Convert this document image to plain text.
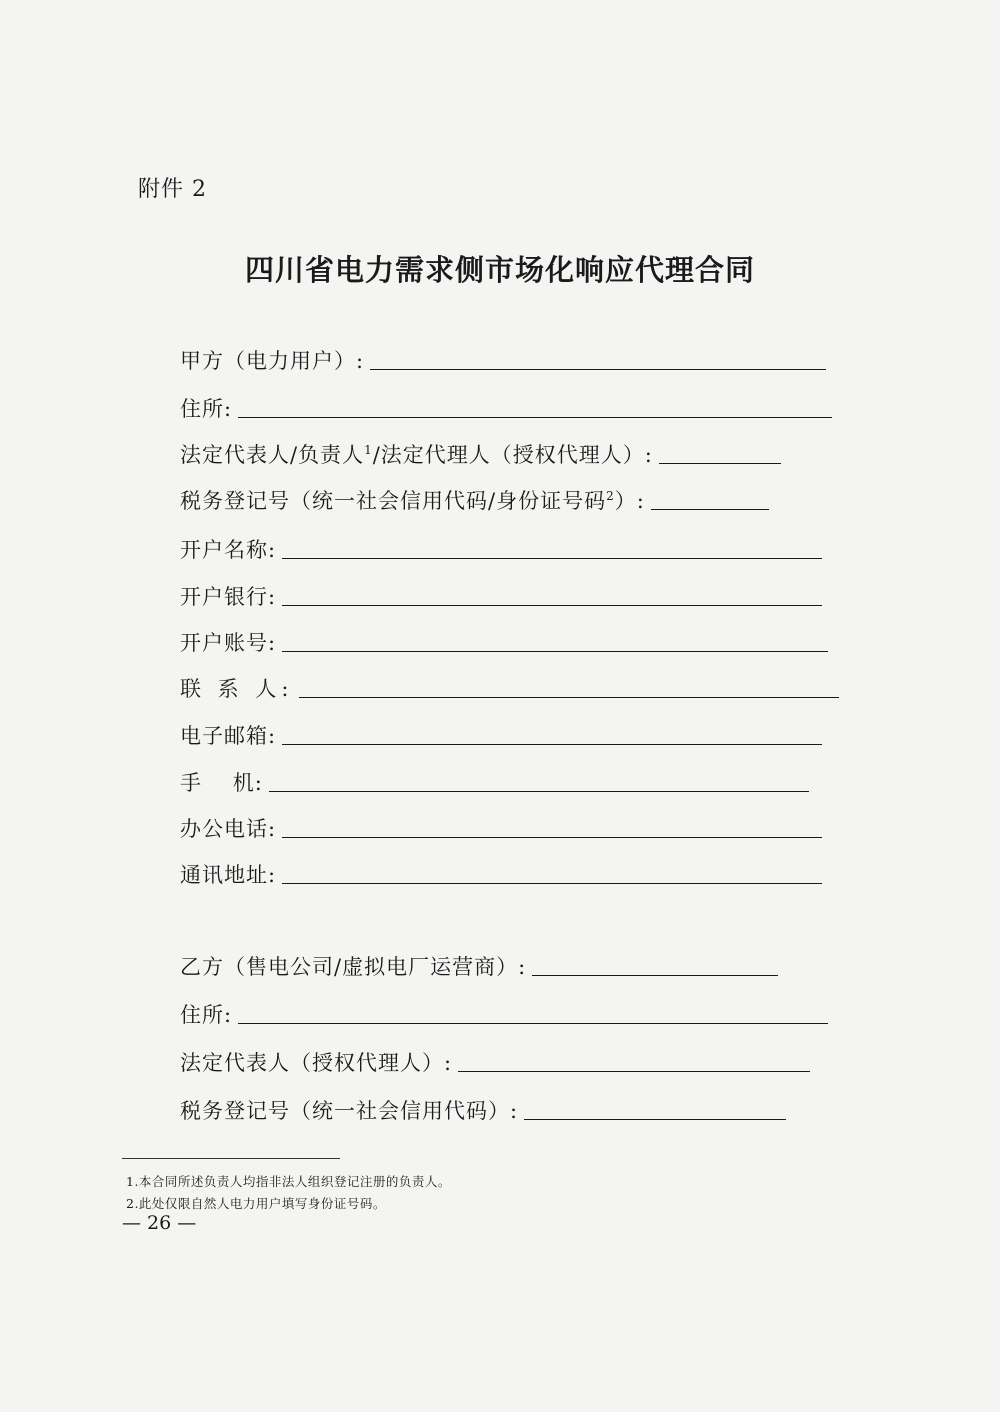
附件 2
四川省电力需求侧市场化响应代理合同
甲方（电力用户）:
住所:
法定代表人/负责人$^1$/法定代理人（授权代理人）:
税务登记号（统一社会信用代码/身份证号码$^2$）:
开户名称:
开户银行:
开户账号:
联 系 人:
电子邮箱:
手    机:
办公电话:
通讯地址:
乙方（售电公司/虚拟电厂运营商）:
住所:
法定代表人（授权代理人）:
税务登记号（统一社会信用代码）:
1.本合同所述负责人均指非法人组织登记注册的负责人。
2.此处仅限自然人电力用户填写身份证号码。
— 26 —
